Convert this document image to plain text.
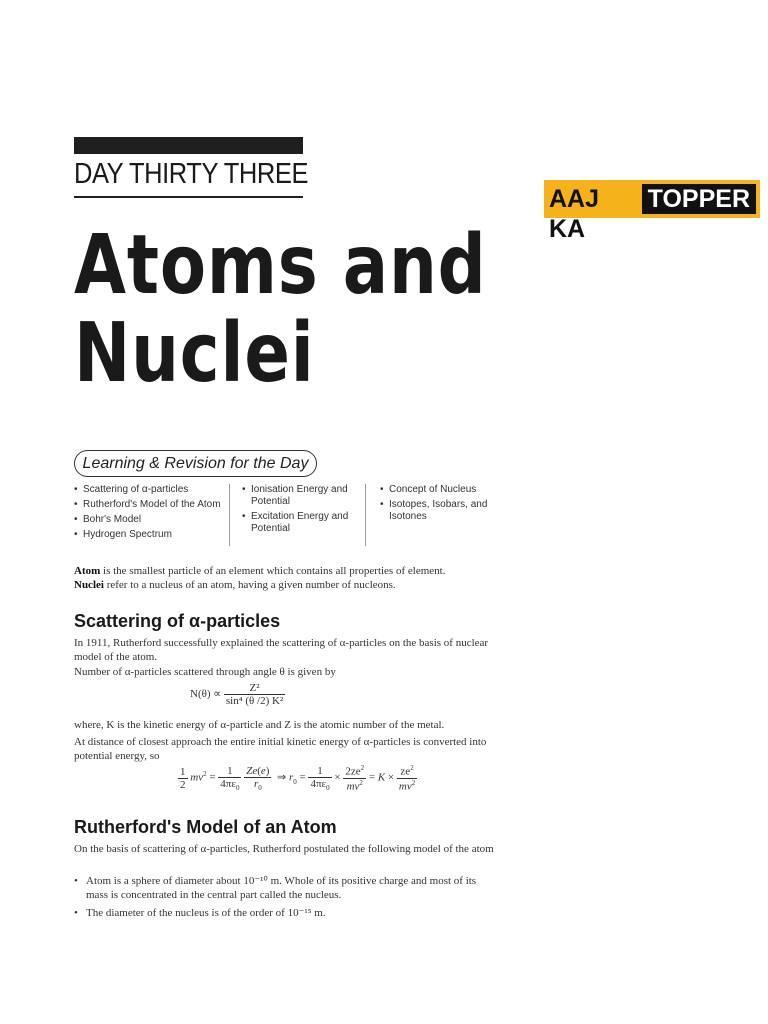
DAY THIRTY THREE
AAJ KA
TOPPER
Atoms and
Nuclei
Learning & Revision for the Day
• Scattering of α-particles
• Rutherford's Model of the Atom
• Bohr's Model
• Hydrogen Spectrum
• Ionisation Energy and Potential
• Excitation Energy and Potential
• Concept of Nucleus
• Isotopes, Isobars, and Isotones
Atom is the smallest particle of an element which contains all properties of element.
Nuclei refer to a nucleus of an atom, having a given number of nucleons.
Scattering of α-particles
In 1911, Rutherford successfully explained the scattering of α-particles on the basis of nuclear model of the atom.
Number of α-particles scattered through angle θ is given by
$N(\theta) \propto \frac{\text{Z²}}{\text{sin⁴ (θ /2) K²}}$
where, K is the kinetic energy of α-particle and Z is the atomic number of the metal.
At distance of closest approach the entire initial kinetic energy of α-particles is converted into potential energy, so
$\frac{1}{2} mv^2 = \frac{1}{4\pi\varepsilon_0}$
$\frac{Ze(e)}{r_0}$ ⇒ $r_0 = \frac{1}{4\pi\varepsilon_0} \times \frac{2ze^2}{mv^2} = K \times \frac{ze^2}{mv^2}$
Rutherford's Model of an Atom
On the basis of scattering of α-particles, Rutherford postulated the following model of the atom
• Atom is a sphere of diameter about 10⁻¹⁰ m. Whole of its positive charge and most of its mass is concentrated in the central part called the nucleus.
• The diameter of the nucleus is of the order of 10⁻¹⁵ m.
